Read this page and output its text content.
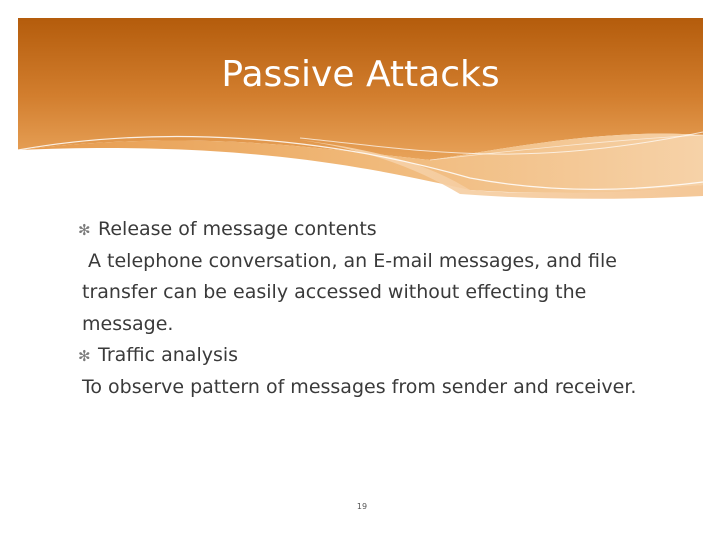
Passive Attacks
✻ Release of message contents
A telephone conversation, an E-mail messages, and file transfer can be easily accessed without effecting the message.
✻ Traffic analysis
To observe pattern of messages from sender and receiver.
19
